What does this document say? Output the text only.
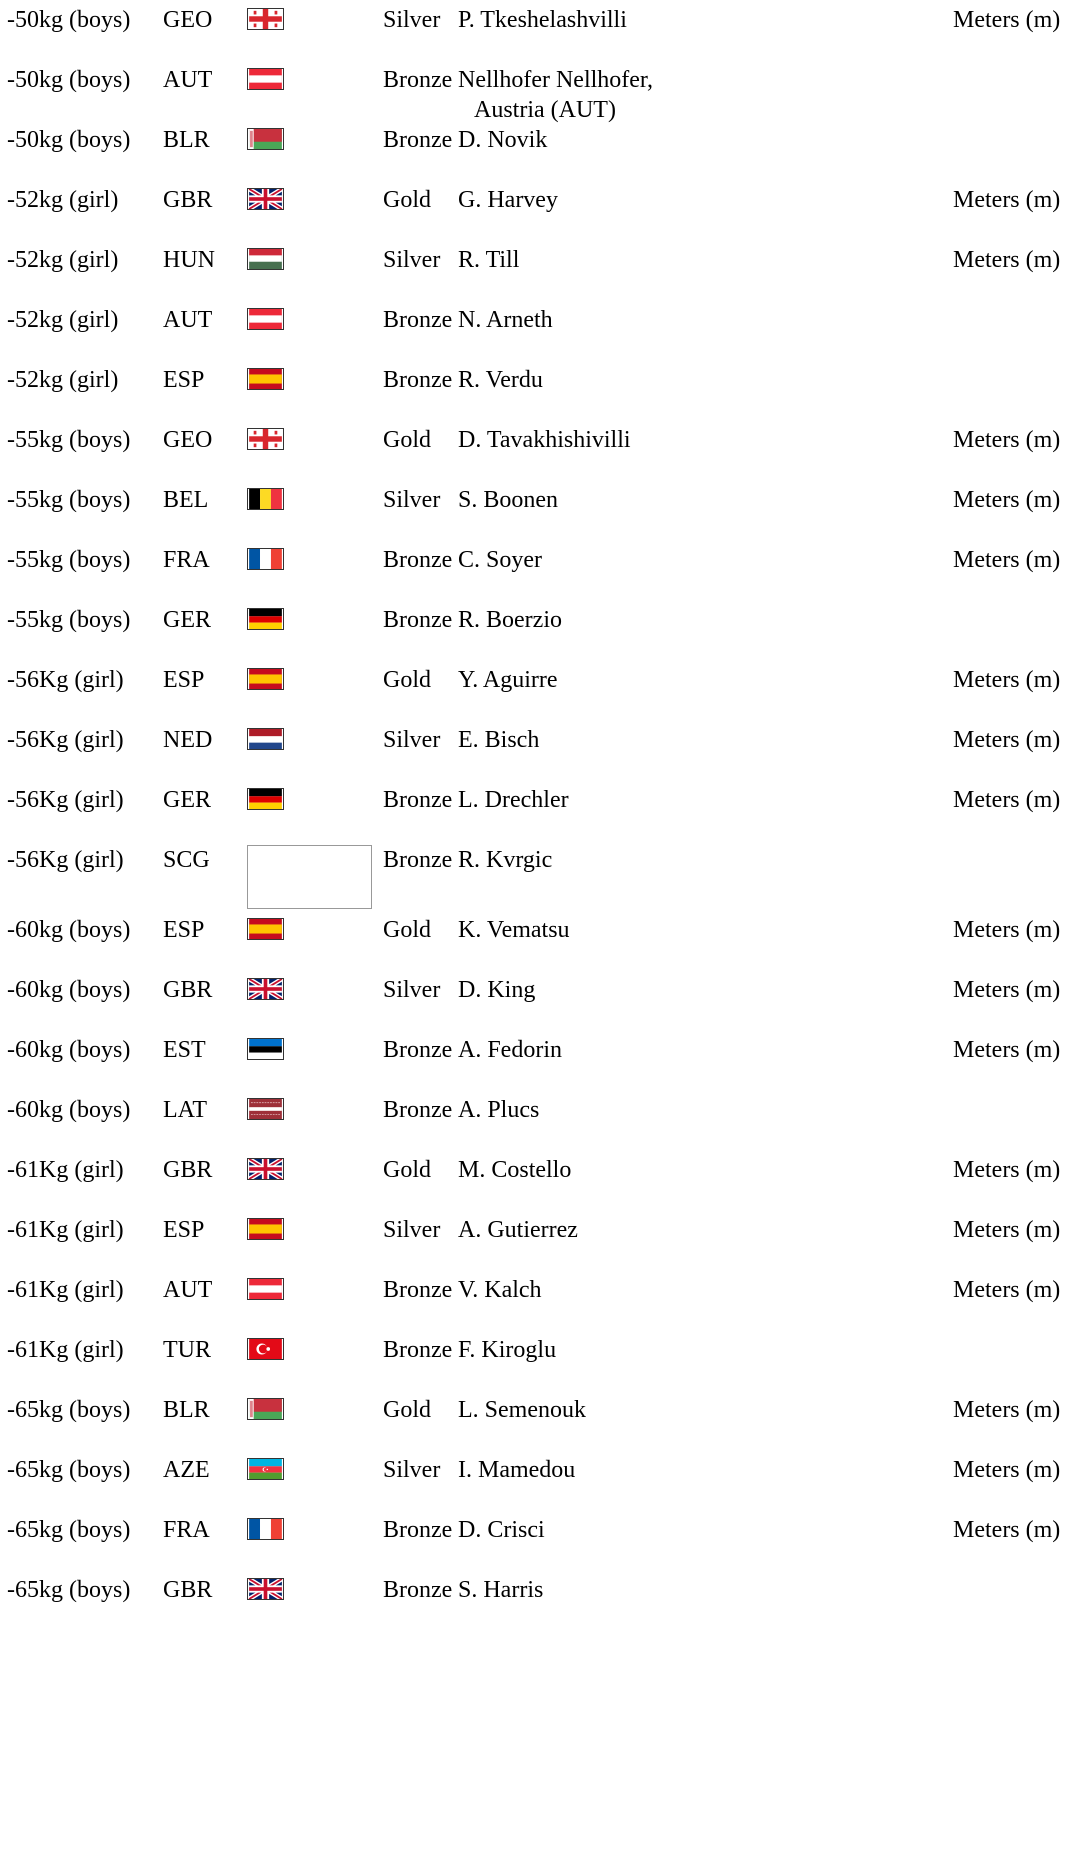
-50kg (boys) GEO	Silver P. Tkeshelashvilli	Meters (m)
-50kg (boys) AUT	Bronze Nellhofer Nellhofer,
Austria (AUT)
-50kg (boys) BLR	Bronze D. Novik
-52kg (girl) GBR	Gold G. Harvey	Meters (m)
-52kg (girl) HUN	Silver R. Till	Meters (m)
-52kg (girl) AUT	Bronze N. Arneth
-52kg (girl) ESP	Bronze R. Verdu
-55kg (boys) GEO	Gold D. Tavakhishivilli	Meters (m)
-55kg (boys) BEL	Silver S. Boonen	Meters (m)
-55kg (boys) FRA	Bronze C. Soyer	Meters (m)
-55kg (boys) GER	Bronze R. Boerzio
-56Kg (girl) ESP	Gold Y. Aguirre	Meters (m)
-56Kg (girl) NED	Silver E. Bisch	Meters (m)
-56Kg (girl) GER	Bronze L. Drechler	Meters (m)
-56Kg (girl) SCG	Bronze R. Kvrgic
-60kg (boys) ESP	Gold K. Vematsu	Meters (m)
-60kg (boys) GBR	Silver D. King	Meters (m)
-60kg (boys) EST	Bronze A. Fedorin	Meters (m)
-60kg (boys) LAT	Bronze A. Plucs
-61Kg (girl) GBR	Gold M. Costello	Meters (m)
-61Kg (girl) ESP	Silver A. Gutierrez	Meters (m)
-61Kg (girl) AUT	Bronze V. Kalch	Meters (m)
-61Kg (girl) TUR	Bronze F. Kiroglu
-65kg (boys) BLR	Gold L. Semenouk	Meters (m)
-65kg (boys) AZE	Silver I. Mamedou	Meters (m)
-65kg (boys) FRA	Bronze D. Crisci	Meters (m)
-65kg (boys) GBR	Bronze S. Harris
